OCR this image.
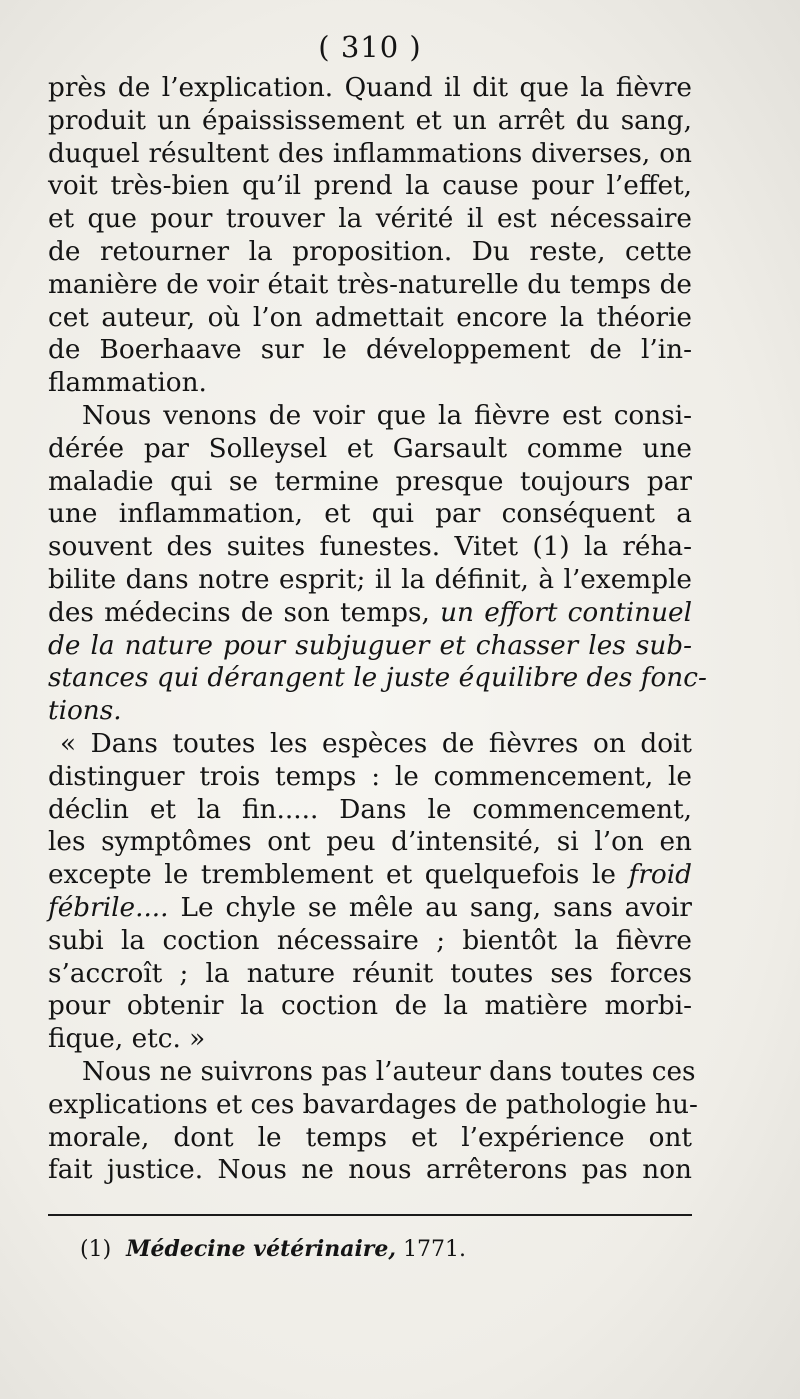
( 310 )
près de l’explication. Quand il dit que la fièvre
produit un épaississement et un arrêt du sang,
duquel résultent des inflammations diverses, on
voit très-bien qu’il prend la cause pour l’effet,
et que pour trouver la vérité il est nécessaire
de retourner la proposition. Du reste, cette
manière de voir était très-naturelle du temps de
cet auteur, où l’on admettait encore la théorie
de Boerhaave sur le développement de l’in-
flammation.
Nous venons de voir que la fièvre est consi-
dérée par Solleysel et Garsault comme une
maladie qui se termine presque toujours par
une inflammation, et qui par conséquent a
souvent des suites funestes. Vitet (1) la réha-
bilite dans notre esprit; il la définit, à l’exemple
des médecins de son temps, un effort continuel
de la nature pour subjuguer et chasser les sub-
stances qui dérangent le juste équilibre des fonc-
tions.
« Dans toutes les espèces de fièvres on doit
distinguer trois temps : le commencement, le
déclin et la fin..... Dans le commencement,
les symptômes ont peu d’intensité, si l’on en
excepte le tremblement et quelquefois le froid
fébrile.... Le chyle se mêle au sang, sans avoir
subi la coction nécessaire ; bientôt la fièvre
s’accroît ; la nature réunit toutes ses forces
pour obtenir la coction de la matière morbi-
fique, etc. »
Nous ne suivrons pas l’auteur dans toutes ces
explications et ces bavardages de pathologie hu-
morale, dont le temps et l’expérience ont
fait justice. Nous ne nous arrêterons pas non
(1) Médecine vétérinaire, 1771.
